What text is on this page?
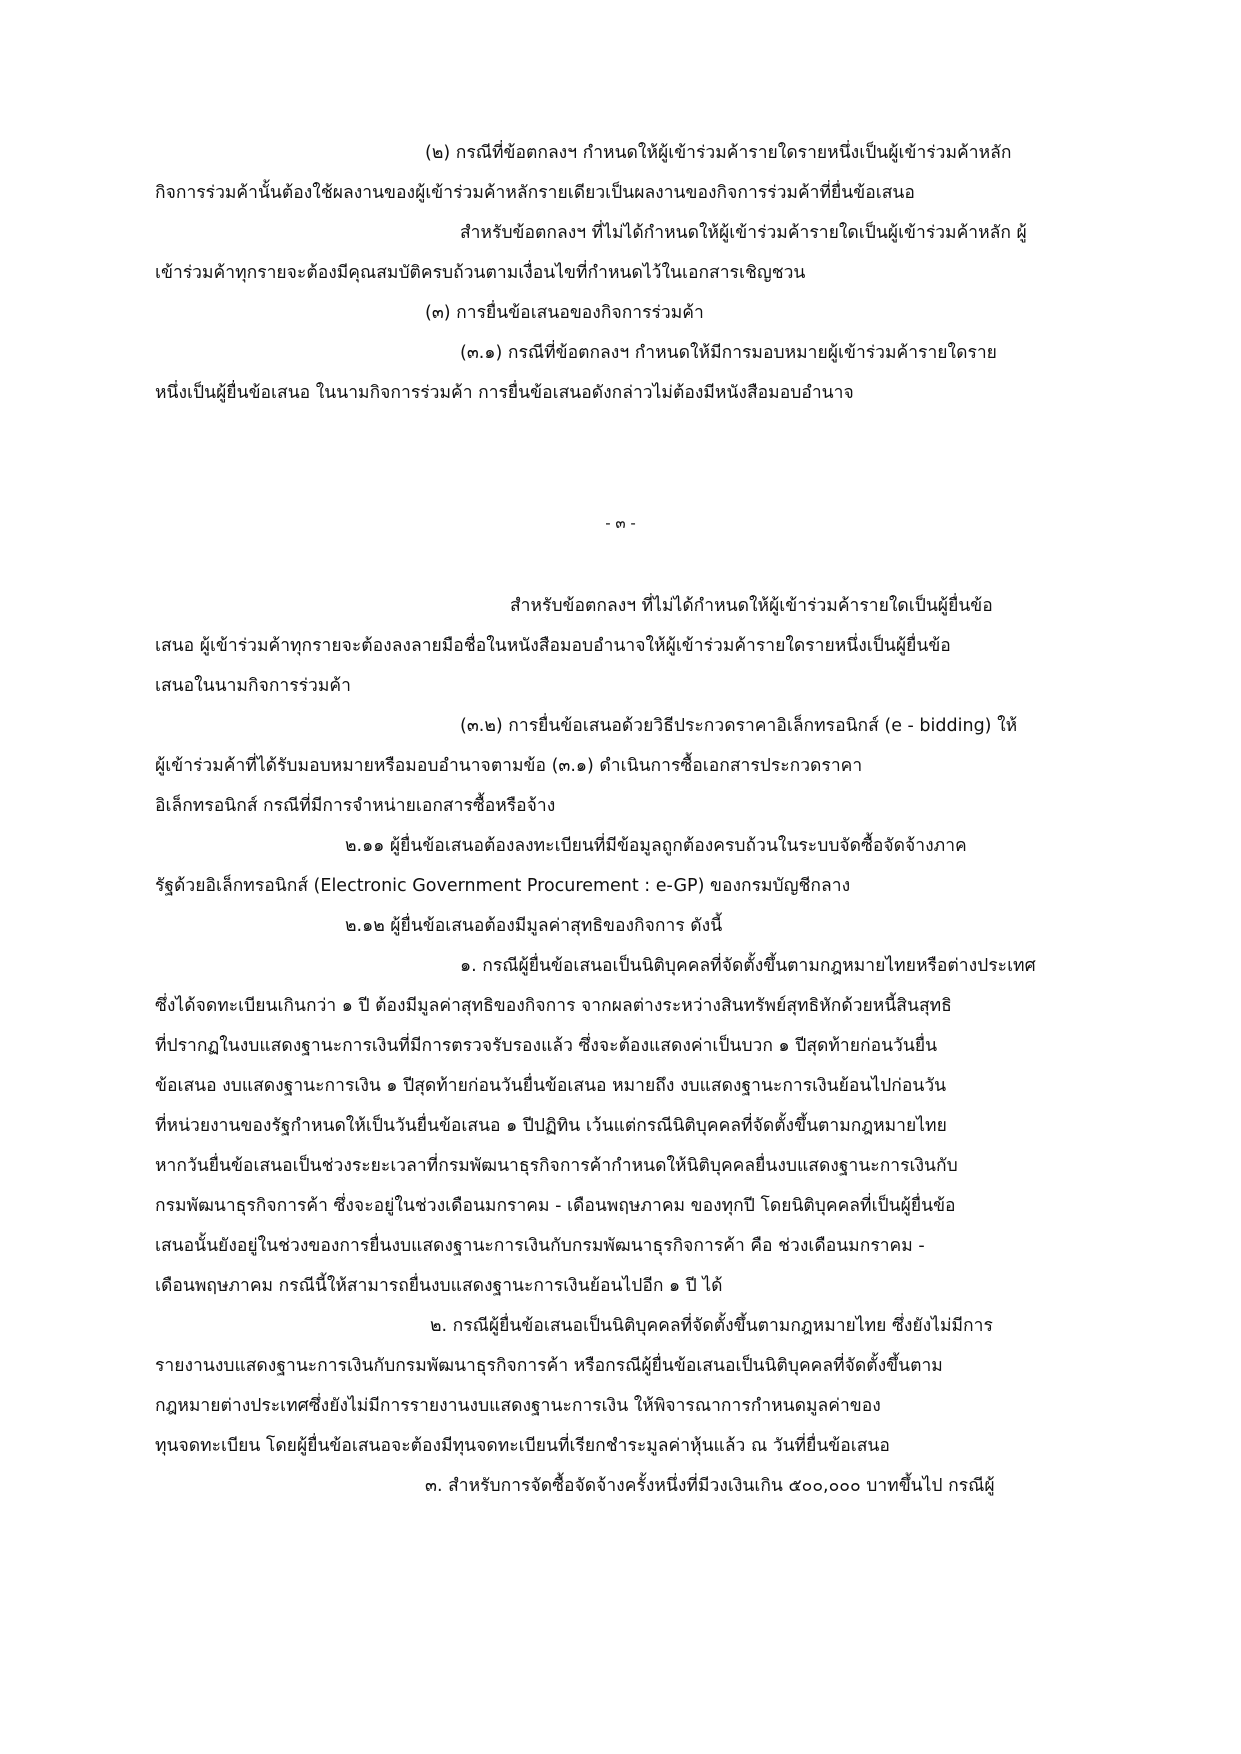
(๒) กรณีที่ข้อตกลงฯ กำหนดให้ผู้เข้าร่วมค้ารายใดรายหนึ่งเป็นผู้เข้าร่วมค้าหลัก
กิจการร่วมค้านั้นต้องใช้ผลงานของผู้เข้าร่วมค้าหลักรายเดียวเป็นผลงานของกิจการร่วมค้าที่ยื่นข้อเสนอ
สำหรับข้อตกลงฯ ที่ไม่ได้กำหนดให้ผู้เข้าร่วมค้ารายใดเป็นผู้เข้าร่วมค้าหลัก ผู้
เข้าร่วมค้าทุกรายจะต้องมีคุณสมบัติครบถ้วนตามเงื่อนไขที่กำหนดไว้ในเอกสารเชิญชวน
(๓) การยื่นข้อเสนอของกิจการร่วมค้า
(๓.๑) กรณีที่ข้อตกลงฯ กำหนดให้มีการมอบหมายผู้เข้าร่วมค้ารายใดราย
หนึ่งเป็นผู้ยื่นข้อเสนอ ในนามกิจการร่วมค้า การยื่นข้อเสนอดังกล่าวไม่ต้องมีหนังสือมอบอำนาจ
- ๓ -
สำหรับข้อตกลงฯ ที่ไม่ได้กำหนดให้ผู้เข้าร่วมค้ารายใดเป็นผู้ยื่นข้อ
เสนอ ผู้เข้าร่วมค้าทุกรายจะต้องลงลายมือชื่อในหนังสือมอบอำนาจให้ผู้เข้าร่วมค้ารายใดรายหนึ่งเป็นผู้ยื่นข้อ
เสนอในนามกิจการร่วมค้า
(๓.๒) การยื่นข้อเสนอด้วยวิธีประกวดราคาอิเล็กทรอนิกส์ (e - bidding) ให้
ผู้เข้าร่วมค้าที่ได้รับมอบหมายหรือมอบอำนาจตามข้อ (๓.๑) ดำเนินการซื้อเอกสารประกวดราคา
อิเล็กทรอนิกส์ กรณีที่มีการจำหน่ายเอกสารซื้อหรือจ้าง
๒.๑๑ ผู้ยื่นข้อเสนอต้องลงทะเบียนที่มีข้อมูลถูกต้องครบถ้วนในระบบจัดซื้อจัดจ้างภาค
รัฐด้วยอิเล็กทรอนิกส์ (Electronic Government Procurement : e-GP) ของกรมบัญชีกลาง
๒.๑๒ ผู้ยื่นข้อเสนอต้องมีมูลค่าสุทธิของกิจการ ดังนี้
๑. กรณีผู้ยื่นข้อเสนอเป็นนิติบุคคลที่จัดตั้งขึ้นตามกฎหมายไทยหรือต่างประเทศ
ซึ่งได้จดทะเบียนเกินกว่า ๑ ปี ต้องมีมูลค่าสุทธิของกิจการ จากผลต่างระหว่างสินทรัพย์สุทธิหักด้วยหนี้สินสุทธิ
ที่ปรากฏในงบแสดงฐานะการเงินที่มีการตรวจรับรองแล้ว ซึ่งจะต้องแสดงค่าเป็นบวก ๑ ปีสุดท้ายก่อนวันยื่น
ข้อเสนอ งบแสดงฐานะการเงิน ๑ ปีสุดท้ายก่อนวันยื่นข้อเสนอ หมายถึง งบแสดงฐานะการเงินย้อนไปก่อนวัน
ที่หน่วยงานของรัฐกำหนดให้เป็นวันยื่นข้อเสนอ ๑ ปีปฏิทิน เว้นแต่กรณีนิติบุคคลที่จัดตั้งขึ้นตามกฎหมายไทย
หากวันยื่นข้อเสนอเป็นช่วงระยะเวลาที่กรมพัฒนาธุรกิจการค้ากำหนดให้นิติบุคคลยื่นงบแสดงฐานะการเงินกับ
กรมพัฒนาธุรกิจการค้า ซึ่งจะอยู่ในช่วงเดือนมกราคม - เดือนพฤษภาคม ของทุกปี โดยนิติบุคคลที่เป็นผู้ยื่นข้อ
เสนอนั้นยังอยู่ในช่วงของการยื่นงบแสดงฐานะการเงินกับกรมพัฒนาธุรกิจการค้า คือ ช่วงเดือนมกราคม -
เดือนพฤษภาคม กรณีนี้ให้สามารถยื่นงบแสดงฐานะการเงินย้อนไปอีก ๑ ปี ได้
๒. กรณีผู้ยื่นข้อเสนอเป็นนิติบุคคลที่จัดตั้งขึ้นตามกฎหมายไทย ซึ่งยังไม่มีการ
รายงานงบแสดงฐานะการเงินกับกรมพัฒนาธุรกิจการค้า หรือกรณีผู้ยื่นข้อเสนอเป็นนิติบุคคลที่จัดตั้งขึ้นตาม
กฎหมายต่างประเทศซึ่งยังไม่มีการรายงานงบแสดงฐานะการเงิน ให้พิจารณาการกำหนดมูลค่าของ
ทุนจดทะเบียน โดยผู้ยื่นข้อเสนอจะต้องมีทุนจดทะเบียนที่เรียกชำระมูลค่าหุ้นแล้ว ณ วันที่ยื่นข้อเสนอ
๓. สำหรับการจัดซื้อจัดจ้างครั้งหนึ่งที่มีวงเงินเกิน ๕๐๐,๐๐๐ บาทขึ้นไป กรณีผู้
